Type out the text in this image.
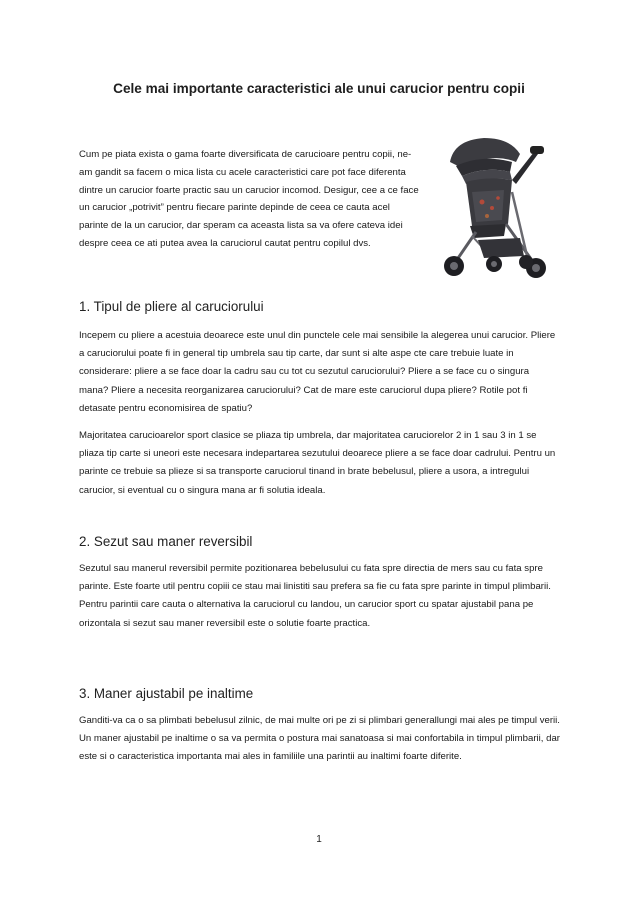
Cele mai importante caracteristici ale unui carucior pentru copii
Cum pe piata exista o gama foarte diversificata de carucioare pentru copii, ne-am gandit sa facem o mica lista cu acele caracteristici care pot face diferenta dintre un carucior foarte practic sau un carucior incomod. Desigur, cee a ce face un carucior „potrivit” pentru fiecare parinte depinde de ceea ce cauta acel parinte de la un carucior, dar speram ca aceasta lista sa va ofere cateva idei despre ceea ce ati putea avea la caruciorul cautat pentru copilul dvs.
1. Tipul de pliere al caruciorului
Incepem cu pliere a acestuia deoarece este unul din punctele cele mai sensibile la alegerea unui carucior. Pliere a caruciorului poate fi in general tip umbrela sau tip carte, dar sunt si alte aspe cte care trebuie luate in considerare: pliere a se face doar la cadru sau cu tot cu sezutul caruciorului? Pliere a se face cu o singura mana? Pliere a necesita reorganizarea caruciorului? Cat de mare este caruciorul dupa pliere? Rotile pot fi detasate pentru economisirea de spatiu?
Majoritatea carucioarelor sport clasice se pliaza tip umbrela, dar majoritatea caruciorelor 2 in 1 sau 3 in 1 se pliaza tip carte si uneori este necesara indepartarea sezutului deoarece pliere a se face doar cadrului. Pentru un parinte ce trebuie sa plieze si sa transporte caruciorul tinand in brate bebelusul, pliere a usora, a intregului carucior, si eventual cu o singura mana ar fi solutia ideala.
2. Sezut sau maner reversibil
Sezutul sau manerul reversibil permite pozitionarea bebelusului cu fata spre directia de mers sau cu fata spre parinte. Este foarte util pentru copiii ce stau mai linistiti sau prefera sa fie cu fata spre parinte in timpul plimbarii. Pentru parintii care cauta o alternativa la caruciorul cu landou, un carucior sport cu spatar ajustabil pana pe orizontala si sezut sau maner reversibil este o solutie foarte practica.
3. Maner ajustabil pe inaltime
Ganditi-va ca o sa plimbati bebelusul zilnic, de mai multe ori pe zi si plimbari generallungi mai ales pe timpul verii. Un maner ajustabil pe inaltime o sa va permita o postura mai sanatoasa si mai confortabila in timpul plimbarii, dar este si o caracteristica importanta mai ales in familiile una parintii au inaltimi foarte diferite.
1
